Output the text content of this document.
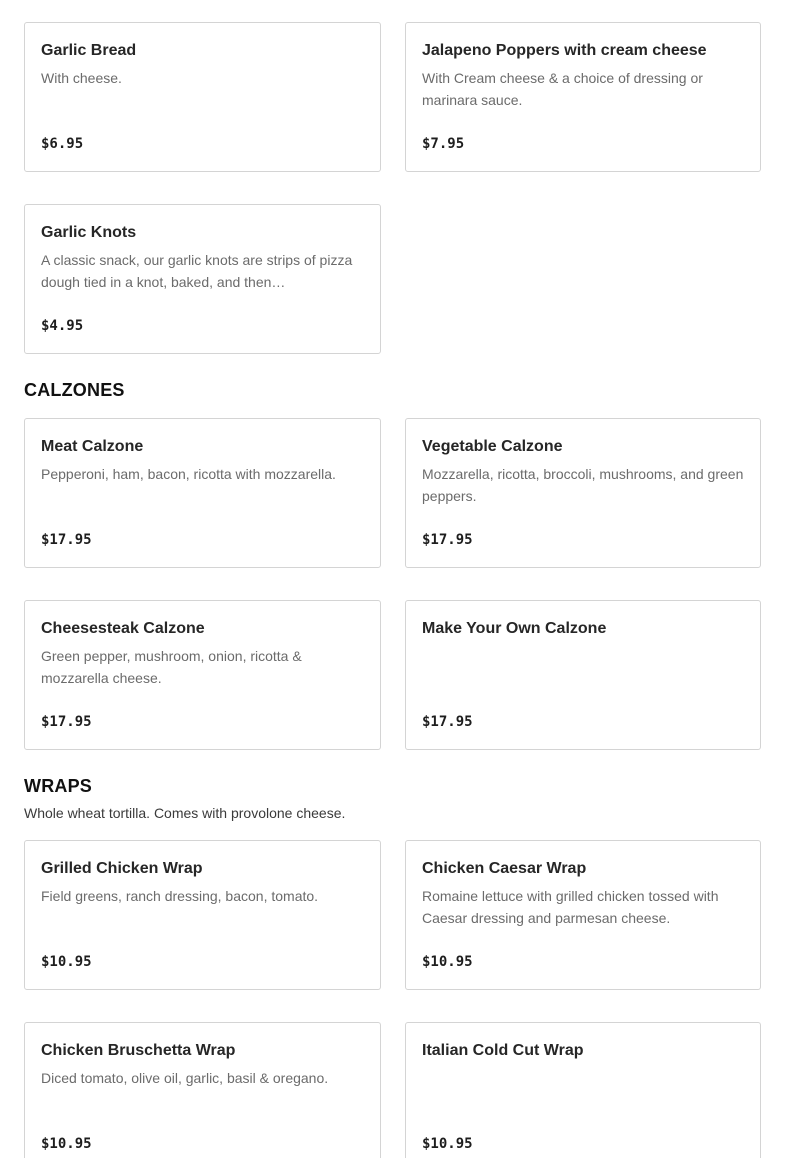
Garlic Bread
With cheese.
$6.95
Jalapeno Poppers with cream cheese
With Cream cheese & a choice of dressing or marinara sauce.
$7.95
Garlic Knots
A classic snack, our garlic knots are strips of pizza dough tied in a knot, baked, and then…
$4.95
CALZONES
Meat Calzone
Pepperoni, ham, bacon, ricotta with mozzarella.
$17.95
Vegetable Calzone
Mozzarella, ricotta, broccoli, mushrooms, and green peppers.
$17.95
Cheesesteak Calzone
Green pepper, mushroom, onion, ricotta & mozzarella cheese.
$17.95
Make Your Own Calzone
$17.95
WRAPS
Whole wheat tortilla. Comes with provolone cheese.
Grilled Chicken Wrap
Field greens, ranch dressing, bacon, tomato.
$10.95
Chicken Caesar Wrap
Romaine lettuce with grilled chicken tossed with Caesar dressing and parmesan cheese.
$10.95
Chicken Bruschetta Wrap
Diced tomato, olive oil, garlic, basil & oregano.
$10.95
Italian Cold Cut Wrap
$10.95
